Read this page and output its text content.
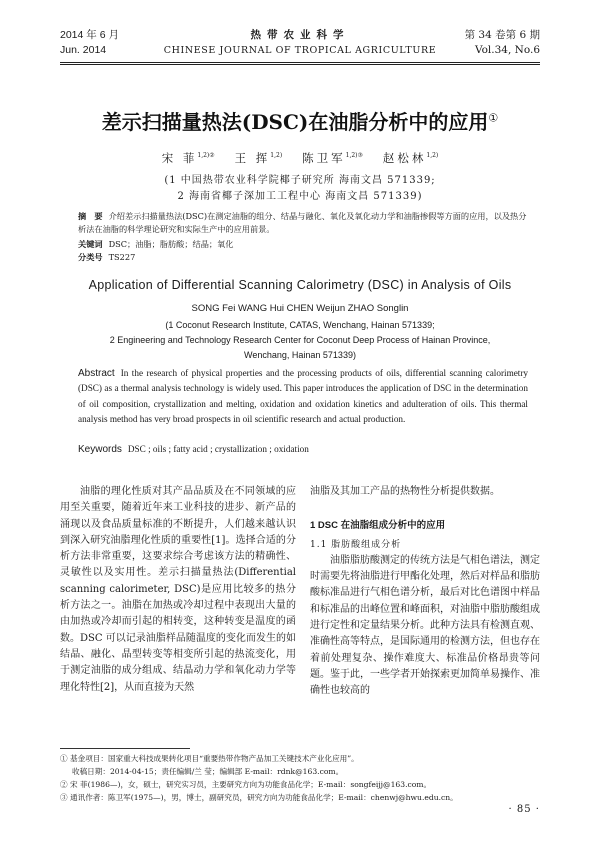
2014 年 6 月
Jun. 2014
热带农业科学
CHINESE JOURNAL OF TROPICAL AGRICULTURE
第 34 卷第 6 期
Vol.34, No.6
差示扫描量热法(DSC)在油脂分析中的应用①
宋 菲$^{1,2)②}$ 王 挥$^{1,2)}$ 陈卫军$^{1,2)③}$ 赵松林$^{1,2)}$
(1 中国热带农业科学院椰子研究所 海南文昌 571339;
2 海南省椰子深加工工程中心 海南文昌 571339)
摘　要 介绍差示扫描量热法(DSC)在测定油脂的组分、结晶与融化、氧化及氧化动力学和油脂掺假等方面的应用，以及热分析法在油脂的科学理论研究和实际生产中的应用前景。
关键词 DSC；油脂；脂肪酸；结晶；氧化
分类号 TS227
Application of Differential Scanning Calorimetry (DSC) in Analysis of Oils
SONG Fei WANG Hui CHEN Weijun ZHAO Songlin
(1 Coconut Research Institute, CATAS, Wenchang, Hainan 571339;
2 Engineering and Technology Research Center for Coconut Deep Process of Hainan Province,
Wenchang, Hainan 571339)
Abstract In the research of physical properties and the processing products of oils, differential scanning calorimetry (DSC) as a thermal analysis technology is widely used. This paper introduces the application of DSC in the determination of oil composition, crystallization and melting, oxidation and oxidation kinetics and adulteration of oils. This thermal analysis method has very broad prospects in oil scientific research and actual production.
Keywords DSC ; oils ; fatty acid ; crystallization ; oxidation

油脂的理化性质对其产品品质及在不同领域的应用至关重要，随着近年来工业科技的进步、新产品的涌现以及食品质量标准的不断提升，人们越来越认识到深入研究油脂理化性质的重要性[1]。选择合适的分析方法非常重要，这要求综合考虑该方法的精确性、灵敏性以及实用性。差示扫描量热法(Differential scanning calorimeter, DSC)是应用比较多的热分析方法之一。油脂在加热或冷却过程中表现出大量的由加热或冷却而引起的相转变，这种转变是温度的函数。DSC 可以记录油脂样品随温度的变化而发生的如结晶、融化、晶型转变等相变所引起的热流变化，用于测定油脂的成分组成、结晶动力学和氧化动力学等理化特性[2]，从而直接为天然

油脂及其加工产品的热物性分析提供数据。

1 DSC 在油脂组成分析中的应用

1.1 脂肪酸组成分析

油脂脂肪酸测定的传统方法是气相色谱法，测定时需要先将油脂进行甲酯化处理，然后对样品和脂肪酸标准品进行气相色谱分析，最后对比色谱图中样品和标准品的出峰位置和峰面积，对油脂中脂肪酸组成进行定性和定量结果分析。此种方法具有检测直观、准确性高等特点，是国际通用的检测方法，但也存在着前处理复杂、操作难度大、标准品价格昂贵等问题。鉴于此，一些学者开始探索更加简单易操作、准确性也较高的

① 基金项目：国家重大科技成果转化项目“重要热带作物产品加工关键技术产业化应用”。
收稿日期：2014-04-15；责任编辑/兰 莹；编辑部 E-mail：rdnk@163.com。
② 宋 菲(1986—)，女，硕士，研究实习员，主要研究方向为功能食品化学；E-mail：songfeijj@163.com。
③ 通讯作者：陈卫军(1975—)，男，博士，副研究员，研究方向为功能食品化学；E-mail：chenwj@hwu.edu.cn。
· 85 ·
